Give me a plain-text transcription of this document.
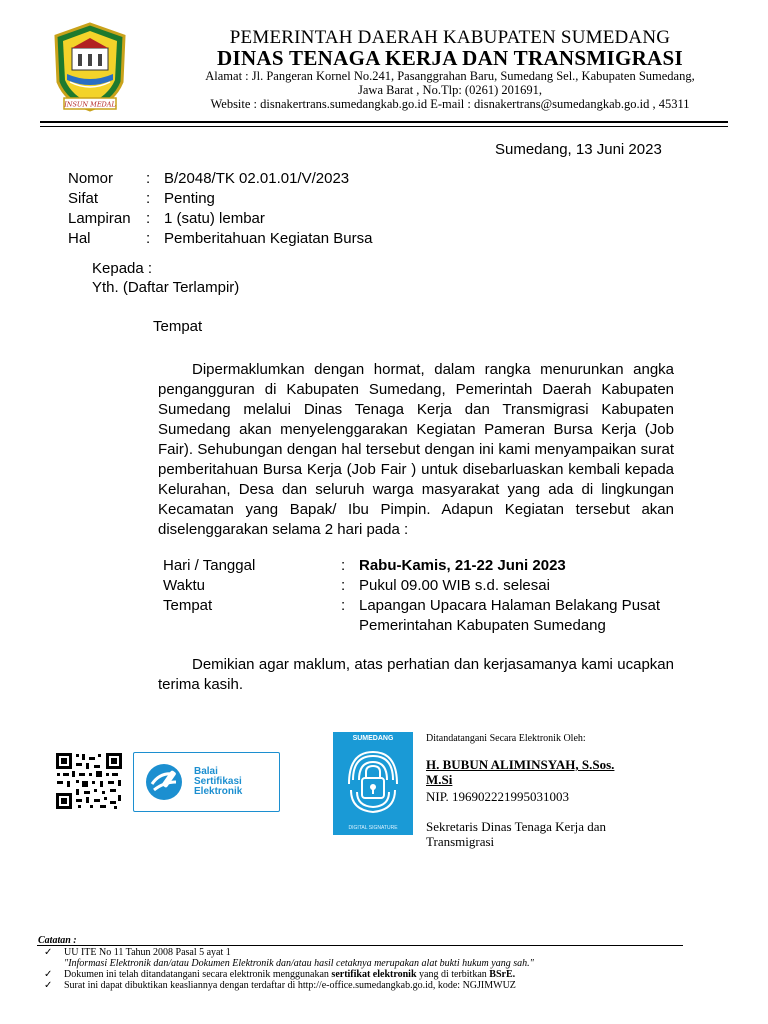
INSUN MEDAL
PEMERINTAH DAERAH KABUPATEN SUMEDANG
DINAS TENAGA KERJA DAN TRANSMIGRASI
Alamat : Jl. Pangeran Kornel No.241, Pasanggrahan Baru, Sumedang Sel., Kabupaten Sumedang,
Jawa Barat , No.Tlp: (0261) 201691,
Website : disnakertrans.sumedangkab.go.id E-mail : disnakertrans@sumedangkab.go.id , 45311
Sumedang, 13 Juni 2023
Nomor	: B/2048/TK 02.01.01/V/2023
Sifat	: Penting
Lampiran	: 1 (satu) lembar
Hal	: Pemberitahuan Kegiatan Bursa
Kepada :
Yth. (Daftar Terlampir)
Tempat
Dipermaklumkan dengan hormat, dalam rangka menurunkan angka pengangguran di Kabupaten Sumedang, Pemerintah Daerah Kabupaten Sumedang melalui Dinas Tenaga Kerja dan Transmigrasi Kabupaten Sumedang akan menyelenggarakan Kegiatan Pameran Bursa Kerja (Job Fair). Sehubungan dengan hal tersebut dengan ini kami menyampaikan surat pemberitahuan Bursa Kerja (Job Fair ) untuk disebarluaskan kembali kepada Kelurahan, Desa dan seluruh warga masyarakat yang ada di lingkungan Kecamatan yang Bapak/ Ibu Pimpin. Adapun Kegiatan tersebut akan diselenggarakan selama 2 hari pada :
Hari / Tanggal	: Rabu-Kamis, 21-22 Juni 2023
Waktu	: Pukul 09.00 WIB s.d. selesai
Tempat	: Lapangan Upacara Halaman Belakang Pusat Pemerintahan Kabupaten Sumedang
Demikian agar maklum, atas perhatian dan kerjasamanya kami ucapkan terima kasih.
Balai
Sertifikasi
Elektronik
SUMEDANG
DIGITAL SIGNATURE
Ditandatangani Secara Elektronik Oleh:
H. BUBUN ALIMINSYAH, S.Sos.
M.Si
NIP. 196902221995031003
Sekretaris Dinas Tenaga Kerja dan Transmigrasi
Catatan :
✓	UU ITE No 11 Tahun 2008 Pasal 5 ayat 1
"Informasi Elektronik dan/atau Dokumen Elektronik dan/atau hasil cetaknya merupakan alat bukti hukum yang sah."
✓	Dokumen ini telah ditandatangani secara elektronik menggunakan sertifikat elektronik yang di terbitkan BSrE.
✓	Surat ini dapat dibuktikan keasliannya dengan terdaftar di http://e-office.sumedangkab.go.id, kode: NGJIMWUZ
